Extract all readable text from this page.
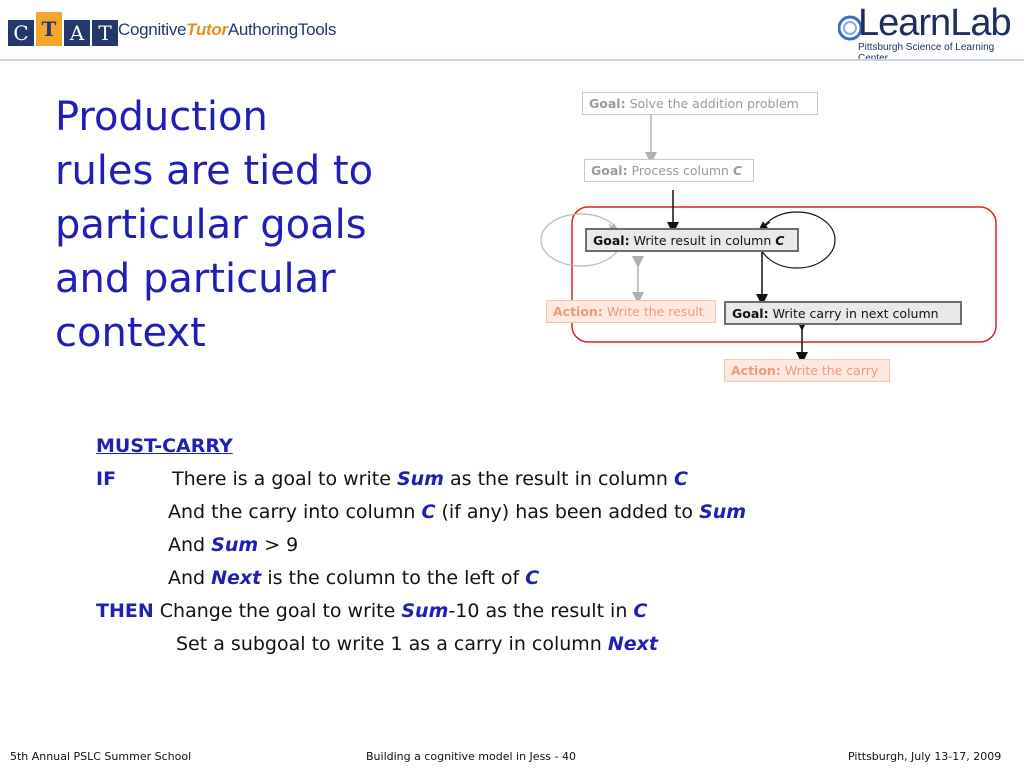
C T A T CognitiveTutorAuthoringTools	LearnLab
Pittsburgh Science of Learning
Production
rules are tied to
particular goals
and particular
context
Goal: Solve the addition problem
Goal: Process column
C
Goal: Write result in column
C
Action: Write the result Goal: Write carry in next column
Action: Write the carry
MUST-CARRY
IF	There is a goal to write Sum as the result in column C
And the carry into column C (if any) has been added to Sum
And Sum > 9
And Next is the column to the left of C
THEN Change the goal to write Sum-10 as the result in C
Set a subgoal to write 1 as a carry in column Next
5th Annual PSLC Summer School	Building a cognitive model in Jess - 40	Pittsburgh, July 13-17, 2009
